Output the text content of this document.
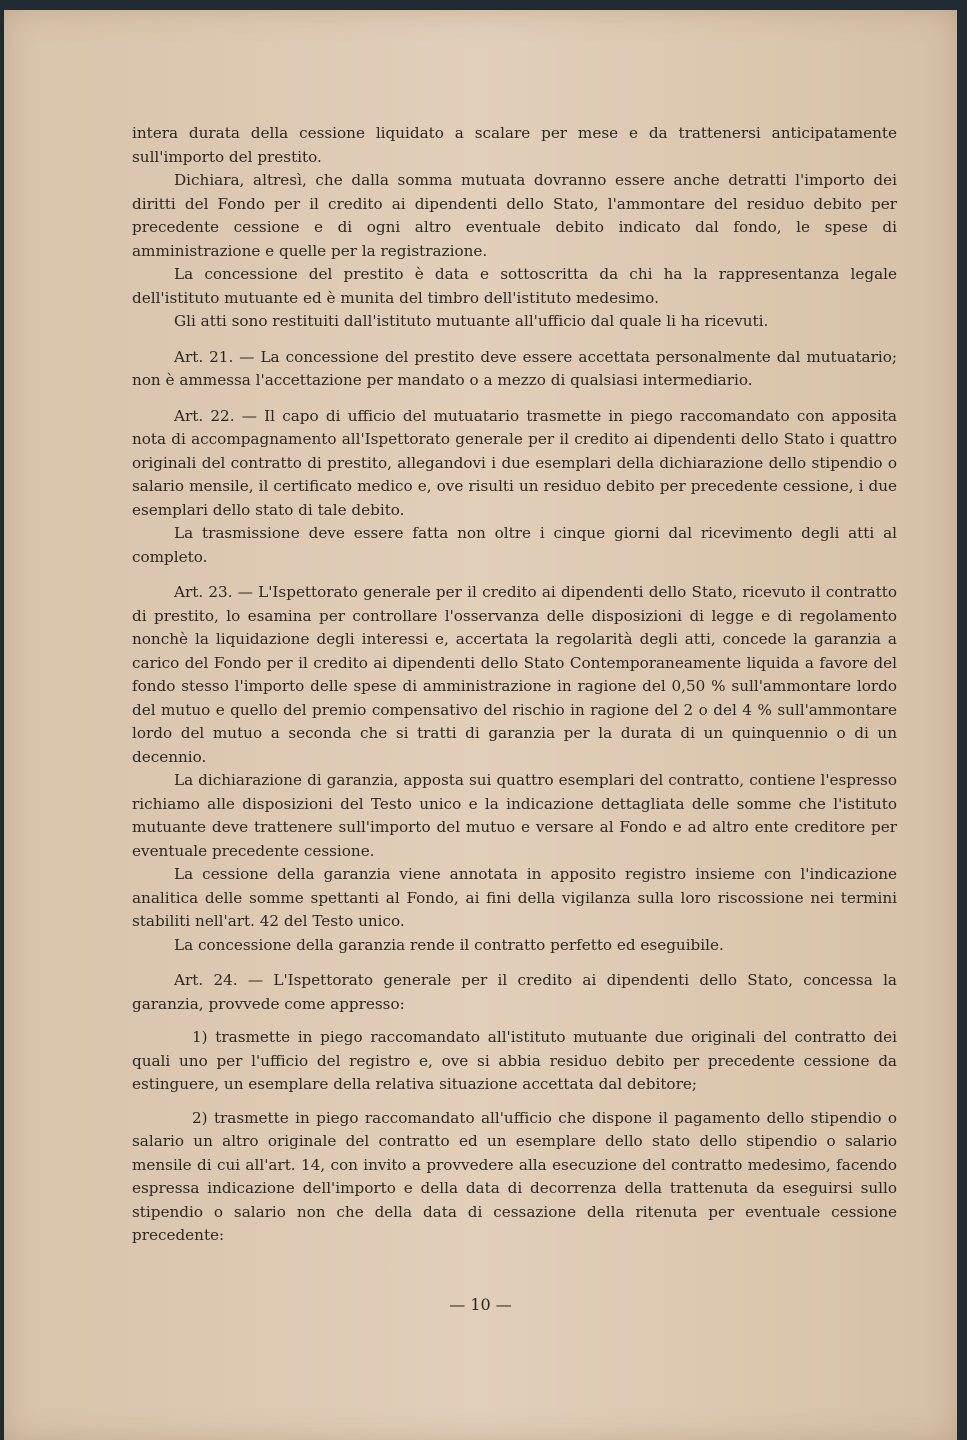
intera durata della cessione liquidato a scalare per mese e da trattenersi anticipatamente sull'importo del prestito.

Dichiara, altresì, che dalla somma mutuata dovranno essere anche detratti l'importo dei diritti del Fondo per il credito ai dipendenti dello Stato, l'ammontare del residuo debito per precedente cessione e di ogni altro eventuale debito indicato dal fondo, le spese di amministrazione e quelle per la registrazione.

La concessione del prestito è data e sottoscritta da chi ha la rappresentanza legale dell'istituto mutuante ed è munita del timbro dell'istituto medesimo.

Gli atti sono restituiti dall'istituto mutuante all'ufficio dal quale li ha ricevuti.

Art. 21. — La concessione del prestito deve essere accettata personalmente dal mutuatario; non è ammessa l'accettazione per mandato o a mezzo di qualsiasi intermediario.

Art. 22. — Il capo di ufficio del mutuatario trasmette in piego raccomandato con apposita nota di accompagnamento all'Ispettorato generale per il credito ai dipendenti dello Stato i quattro originali del contratto di prestito, allegandovi i due esemplari della dichiarazione dello stipendio o salario mensile, il certificato medico e, ove risulti un residuo debito per precedente cessione, i due esemplari dello stato di tale debito.

La trasmissione deve essere fatta non oltre i cinque giorni dal ricevimento degli atti al completo.

Art. 23. — L'Ispettorato generale per il credito ai dipendenti dello Stato, ricevuto il contratto di prestito, lo esamina per controllare l'osservanza delle disposizioni di legge e di regolamento nonchè la liquidazione degli interessi e, accertata la regolarità degli atti, concede la garanzia a carico del Fondo per il credito ai dipendenti dello Stato Contemporaneamente liquida a favore del fondo stesso l'importo delle spese di amministrazione in ragione del 0,50 % sull'ammontare lordo del mutuo e quello del premio compensativo del rischio in ragione del 2 o del 4 % sull'ammontare lordo del mutuo a seconda che si tratti di garanzia per la durata di un quinquennio o di un decennio.

La dichiarazione di garanzia, apposta sui quattro esemplari del contratto, contiene l'espresso richiamo alle disposizioni del Testo unico e la indicazione dettagliata delle somme che l'istituto mutuante deve trattenere sull'importo del mutuo e versare al Fondo e ad altro ente creditore per eventuale precedente cessione.

La cessione della garanzia viene annotata in apposito registro insieme con l'indicazione analitica delle somme spettanti al Fondo, ai fini della vigilanza sulla loro riscossione nei termini stabiliti nell'art. 42 del Testo unico.

La concessione della garanzia rende il contratto perfetto ed eseguibile.

Art. 24. — L'Ispettorato generale per il credito ai dipendenti dello Stato, concessa la garanzia, provvede come appresso:

1) trasmette in piego raccomandato all'istituto mutuante due originali del contratto dei quali uno per l'ufficio del registro e, ove si abbia residuo debito per precedente cessione da estinguere, un esemplare della relativa situazione accettata dal debitore;

2) trasmette in piego raccomandato all'ufficio che dispone il pagamento dello stipendio o salario un altro originale del contratto ed un esemplare dello stato dello stipendio o salario mensile di cui all'art. 14, con invito a provvedere alla esecuzione del contratto medesimo, facendo espressa indicazione dell'importo e della data di decorrenza della trattenuta da eseguirsi sullo stipendio o salario non che della data di cessazione della ritenuta per eventuale cessione precedente:

— 10 —
